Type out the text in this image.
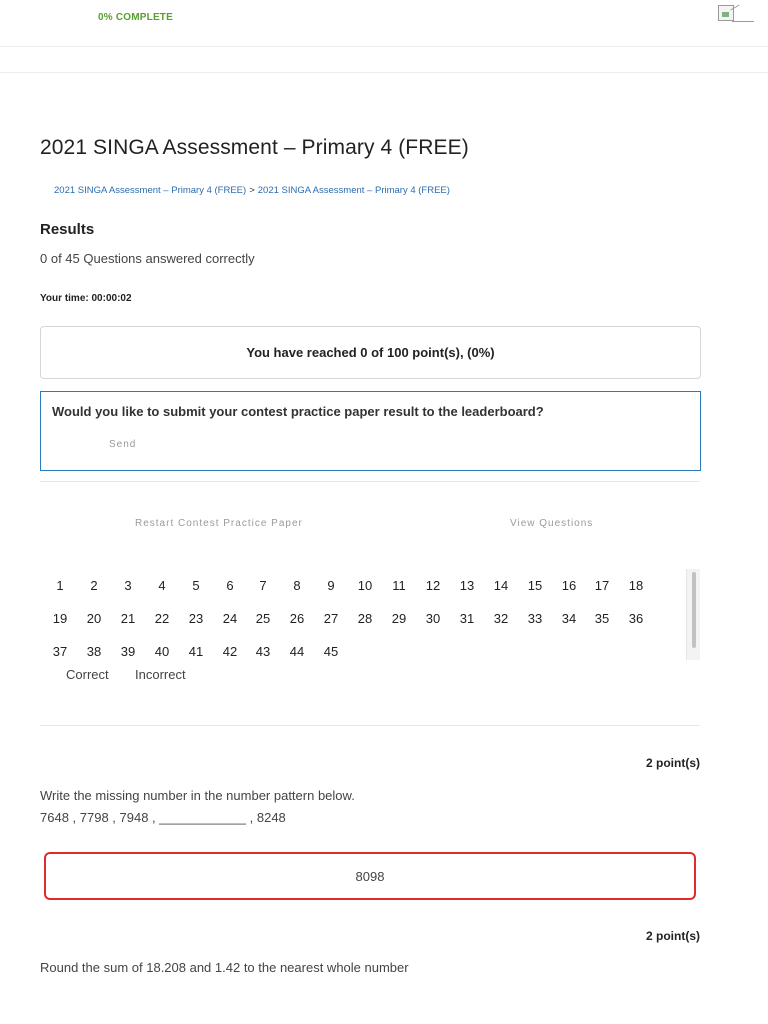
0% COMPLETE
2021 SINGA Assessment – Primary 4 (FREE)
2021 SINGA Assessment – Primary 4 (FREE) > 2021 SINGA Assessment – Primary 4 (FREE)
Results
0 of 45 Questions answered correctly
Your time: 00:00:02
You have reached 0 of 100 point(s), (0%)
Would you like to submit your contest practice paper result to the leaderboard?
Send
Restart Contest Practice Paper	View Questions
1	2	3	4	5	6	7	8	9	10	11	12	13	14	15	16	17	18
19	20	21	22	23	24	25	26	27	28	29	30	31	32	33	34	35	36
37	38	39	40	41	42	43	44	45
Correct Incorrect
2 point(s)
Write the missing number in the number pattern below.
7648 , 7798 , 7948 , ____________ , 8248
8098
2 point(s)
Round the sum of 18.208 and 1.42 to the nearest whole number
